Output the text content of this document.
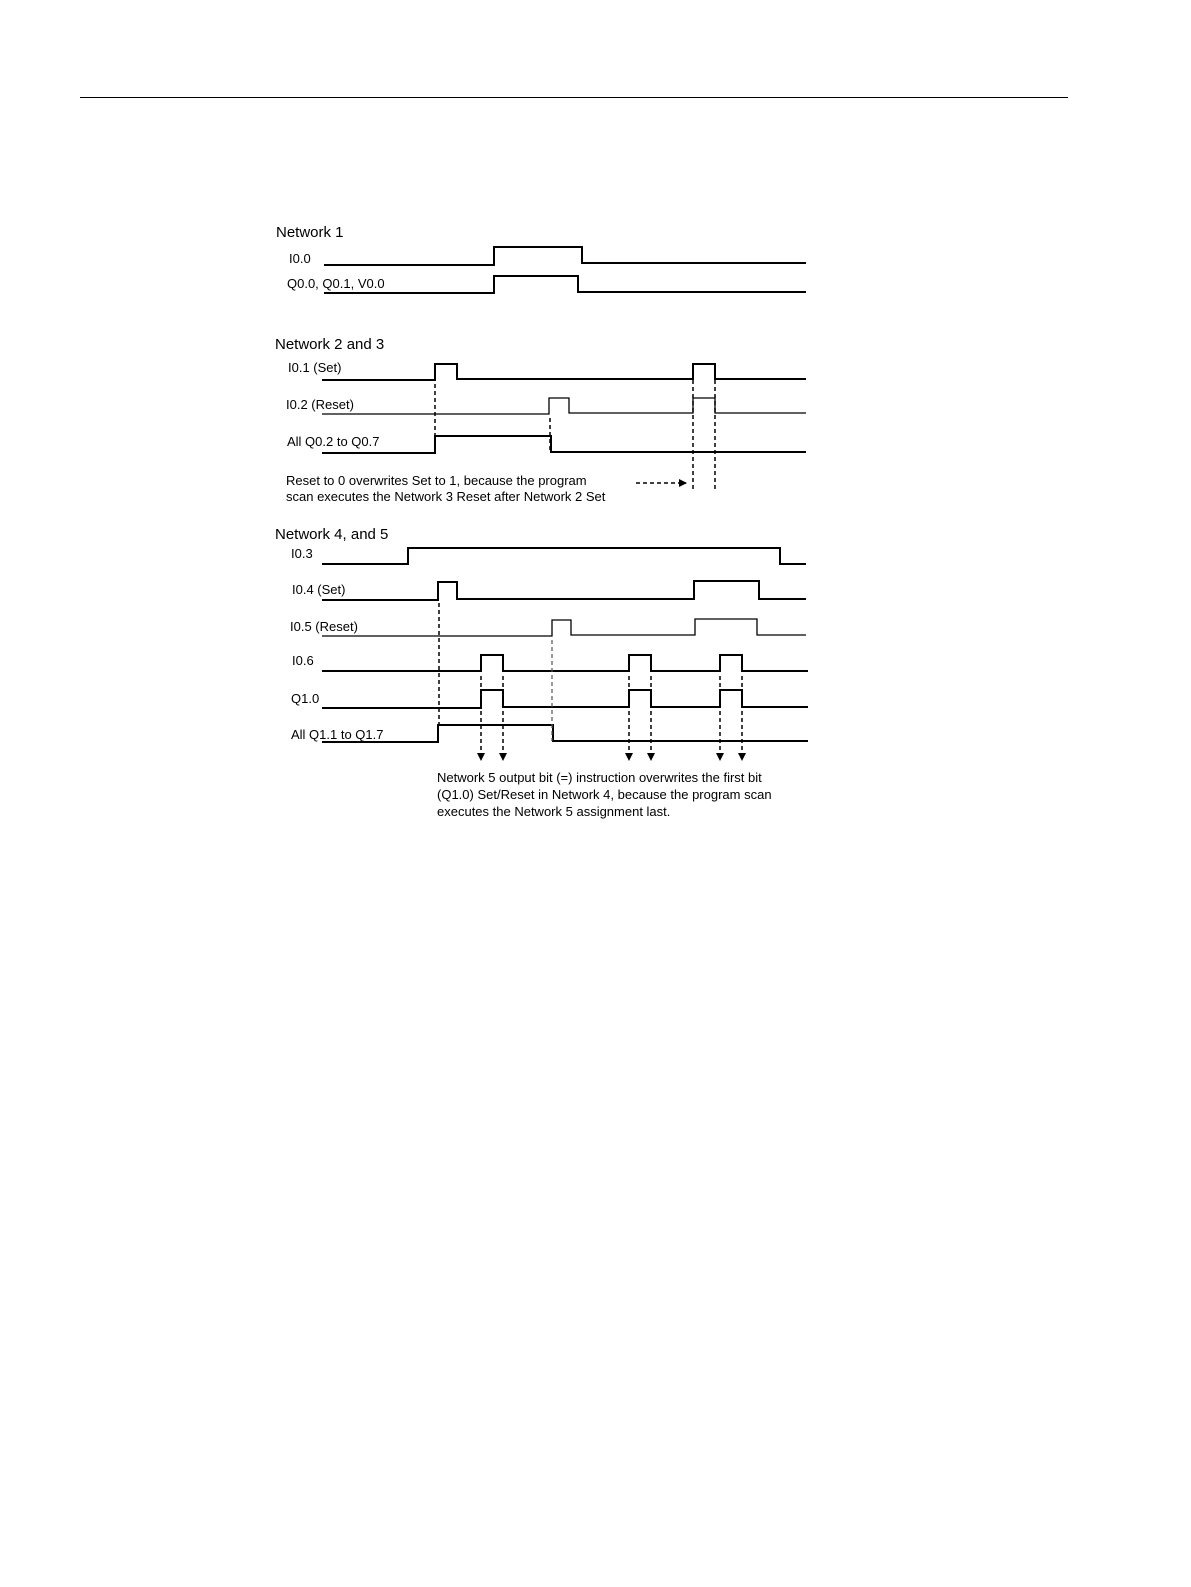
Network 1
I0.0
Q0.0, Q0.1, V0.0
Network 2 and 3
I0.1 (Set)
I0.2 (Reset)
All Q0.2 to Q0.7
Reset to 0 overwrites Set to 1, because the program
scan executes the Network 3 Reset after Network 2 Set
Network 4, and 5
I0.3
I0.4 (Set)
I0.5 (Reset)
I0.6
Q1.0
All Q1.1 to Q1.7
Network 5 output bit (=) instruction overwrites the first bit
(Q1.0) Set/Reset in Network 4, because the program scan
executes the Network 5 assignment last.
